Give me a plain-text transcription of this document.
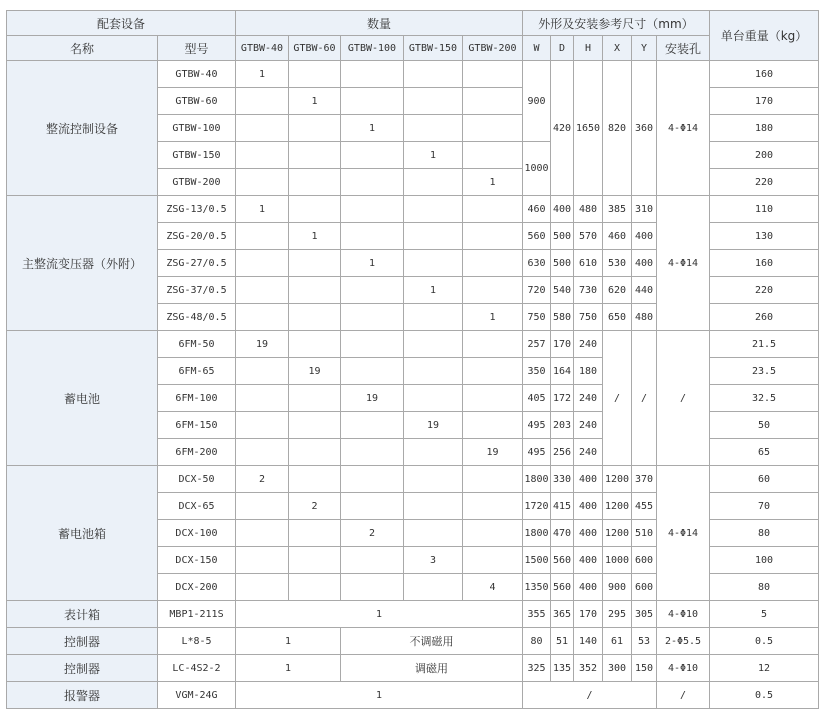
配套设备		数量					外形及安装参考尺寸（mm）						单台重量（kg）
名称	型号	GTBW-40	GTBW-60	GTBW-100	GTBW-150	GTBW-200	W	D	H	X	Y	安装孔	
整流控制设备	GTBW-40	1					900	420	1650	820	360	4-Φ14	160
	GTBW-60		1										170
	GTBW-100			1									180
	GTBW-150				1		1000						200
	GTBW-200					1							220
主整流变压器（外附）	ZSG-13/0.5	1					460	400	480	385	310	4-Φ14	110
	ZSG-20/0.5		1				560	500	570	460	400		130
	ZSG-27/0.5			1			630	500	610	530	400		160
	ZSG-37/0.5				1		720	540	730	620	440		220
	ZSG-48/0.5					1	750	580	750	650	480		260
蓄电池	6FM-50	19					257	170	240	/	/	/	21.5
	6FM-65		19				350	164	180				23.5
	6FM-100			19			405	172	240				32.5
	6FM-150				19		495	203	240				50
	6FM-200					19	495	256	240				65
蓄电池箱	DCX-50	2					1800	330	400	1200	370	4-Φ14	60
	DCX-65		2				1720	415	400	1200	455		70
	DCX-100			2			1800	470	400	1200	510		80
	DCX-150				3		1500	560	400	1000	600		100
	DCX-200					4	1350	560	400	900	600		80
表计箱	MBP1-211S	1					355	365	170	295	305	4-Φ10	5
控制器	L*8-5	1		不调磁用			80	51	140	61	53	2-Φ5.5	0.5
控制器	LC-4S2-2	1		调磁用			325	135	352	300	150	4-Φ10	12
报警器	VGM-24G	1					/					/	0.5
